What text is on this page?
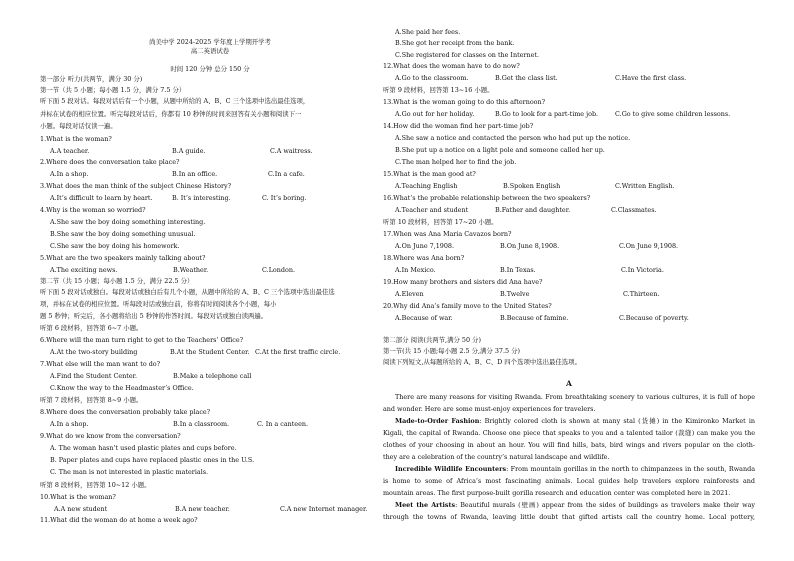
尚美中学 2024-2025 学年度上学期开学考
高二英语试卷
时间 120 分钟 总分 150 分
第一部分 听力(共两节，满分 30 分)
第一节（共 5 小题；每小题 1.5 分，满分 7.5 分）
听下面 5 段对话。每段对话后有一个小题，从题中所给的 A、B、C 三个选项中选出最佳选项，
并标在试卷的相应位置。听完每段对话后，你都有 10 秒钟的时间来回答有关小题和阅读下一
小题。每段对话仅读一遍。
1.What is the woman?
A.A teacher.	B.A guide.	C.A waitress.
2.Where does the conversation take place?
A.In a shop.	B.In an office.	C.In a cafe.
3.What does the man think of the subject Chinese History?
A.It’s difficult to learn by heart.	B. It’s interesting.	C. It’s boring.
4.Why is the woman so worried?
A.She saw the boy doing something interesting.
B.She saw the boy doing something unusual.
C.She saw the boy doing his homework.
5.What are the two speakers mainly talking about?
A.The exciting news.	B.Weather.	C.London.
第二节（共 15 小题；每小题 1.5 分，满分 22.5 分）
听下面 5 段对话或独白。每段对话或独白后有几个小题，从题中所给的 A、B、C 三个选项中选出最佳选
项，并标在试卷的相应位置。听每段对话或独白前，你将有时间阅读各个小题，每小
题 5 秒钟；听完后，各小题将给出 5 秒钟的作答时间。每段对话或独白读两遍。
听第 6 段材料，回答第 6~7 小题。
6.Where will the man turn right to get to the Teachers’ Office?
A.At the two-story building	B.At the Student Center. C.At the first traffic circle.
7.What else will the man want to do?
A.Find the Student Center.	B.Make a telephone call
C.Know the way to the Headmaster’s Office.
听第 7 段材料，回答第 8~9 小题。
8.Where does the conversation probably take place?
A.In a shop.	B.In a classroom.	C. In a canteen.
9.What do we know from the conversation?
A. The woman hasn’t used plastic plates and cups before.
B. Paper plates and cups have replaced plastic ones in the U.S.
C. The man is not interested in plastic materials.
听第 8 段材料，回答第 10~12 小题。
10.What is the woman?
A.A new student	B.A new teacher.	C.A new Internet manager.
11.What did the woman do at home a week ago?
A.She paid her fees.
B.She got her receipt from the bank.
C.She registered for classes on the Internet.
12.What does the woman have to do now?
A.Go to the classroom.	B.Get the class list.	C.Have the first class.
听第 9 段材料，回答第 13~16 小题。
13.What is the woman going to do this afternoon?
A.Go out for her holiday.	B.Go to look for a part-time job.	C.Go to give some children lessons.
14.How did the woman find her part-time job?
A.She saw a notice and contacted the person who had put up the notice.
B.She put up a notice on a light pole and someone called her up.
C.The man helped her to find the job.
15.What is the man good at?
A.Teaching English	B.Spoken English	C.Written English.
16.What’s the probable relationship between the two speakers?
A.Teacher and student	B.Father and daughter.	C.Classmates.
听第 10 段材料，回答第 17~20 小题。
17.When was Ana Maria Cavazos born?
A.On June 7,1908.	B.On June 8,1908.	C.On June 9,1908.
18.Where was Ana born?
A.In Mexico.	B.In Texas.	C.In Victoria.
19.How many brothers and sisters did Ana have?
A.Eleven	B.Twelve	C.Thirteen.
20.Why did Ana’s family move to the United States?
A.Because of war.	B.Because of famine.	C.Because of poverty.
第二部分 阅读(共两节,满分 50 分)
第一节(共 15 小题;每小题 2.5 分,满分 37.5 分)
阅读下列短文,从每题所给的 A、B、C、D 四个选项中选出最佳选项。
A
There are many reasons for visiting Rwanda. From breathtaking scenery to various cultures, it is full of hope
and wonder. Here are some must-enjoy experiences for travelers.
Made-to-Order Fashion: Brightly colored cloth is shown at many stal (货摊) in the Kimironko Market in
Kigali, the capital of Rwanda. Choose one piece that speaks to you and a talented tailor (裁缝) can make you the
clothes of your choosing in about an hour. You will find hills, bats, bird wings and rivers popular on the cloth-
they are a celebration of the country’s natural landscape and wildlife.
Incredible Wildlife Encounters: From mountain gorillas in the north to chimpanzees in the south, Rwanda
is home to some of Africa’s most fascinating animals. Local guides help travelers explore rainforests and
mountain areas. The first purpose-built gorilla research and education center was completed here in 2021.
Meet the Artists: Beautiful murals (壁画) appear from the sides of buildings as travelers make their way
through the towns of Rwanda, leaving little doubt that gifted artists call the country home. Local pottery,
